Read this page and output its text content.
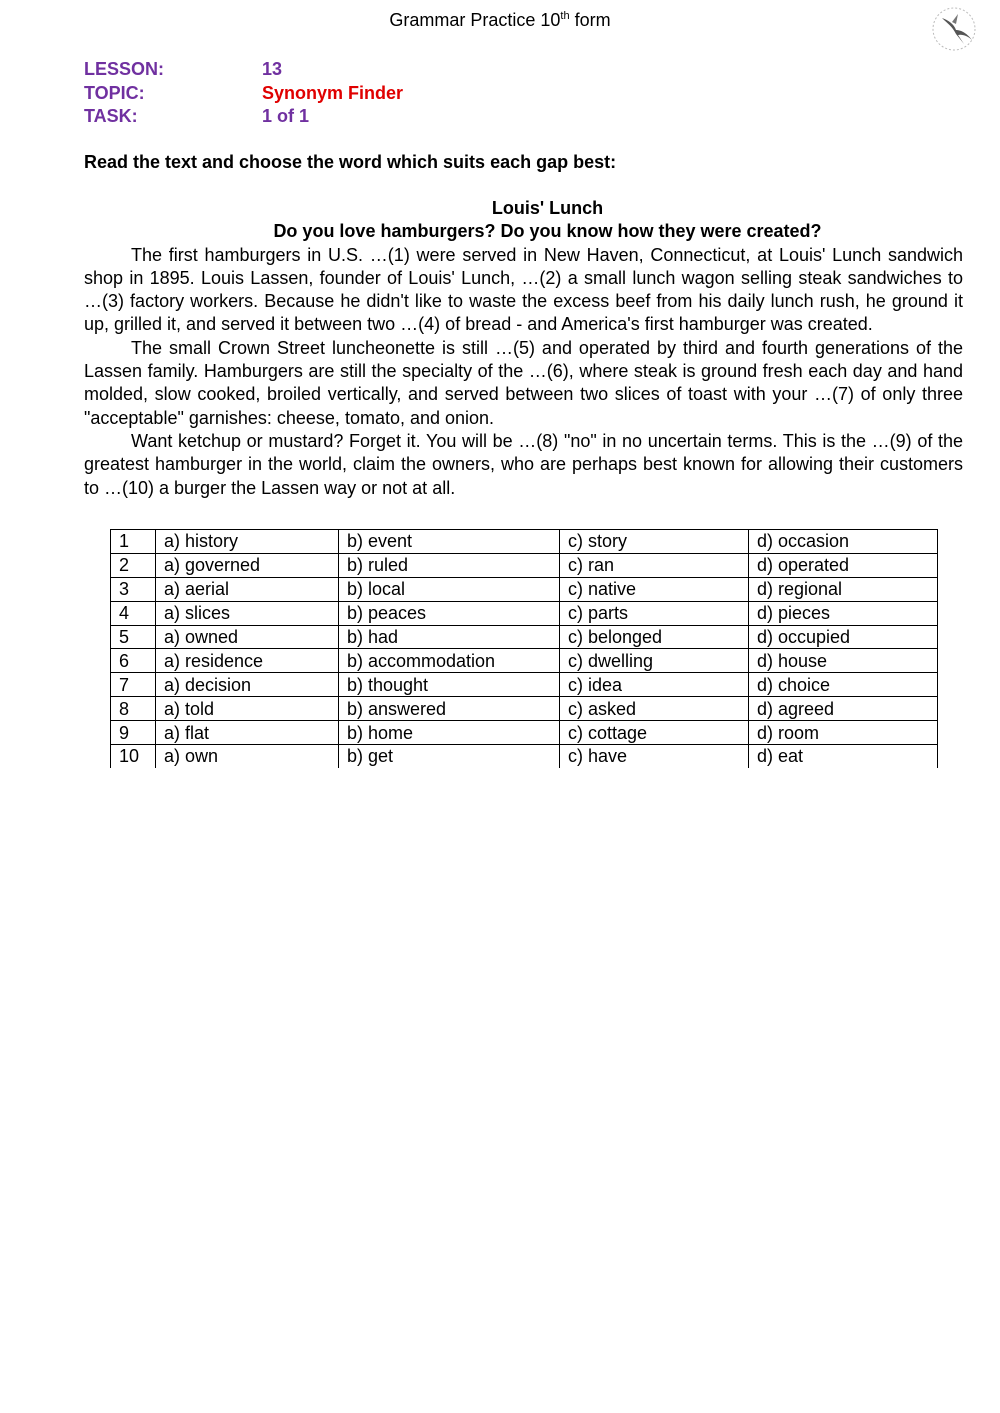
Grammar Practice 10th form
LESSON:	13
TOPIC:	Synonym Finder
TASK:	1 of 1
Read the text and choose the word which suits each gap best:
Louis' Lunch
Do you love hamburgers? Do you know how they were created?

The first hamburgers in U.S. …(1) were served in New Haven, Connecticut, at Louis' Lunch sandwich shop in 1895. Louis Lassen, founder of Louis' Lunch, …(2) a small lunch wagon selling steak sandwiches to …(3) factory workers. Because he didn't like to waste the excess beef from his daily lunch rush, he ground it up, grilled it, and served it between two …(4) of bread - and America's first hamburger was created.

The small Crown Street luncheonette is still …(5) and operated by third and fourth generations of the Lassen family. Hamburgers are still the specialty of the …(6), where steak is ground fresh each day and hand molded, slow cooked, broiled vertically, and served between two slices of toast with your …(7) of only three "acceptable" garnishes: cheese, tomato, and onion.

Want ketchup or mustard? Forget it. You will be …(8) "no" in no uncertain terms. This is the …(9) of the greatest hamburger in the world, claim the owners, who are perhaps best known for allowing their customers to …(10) a burger the Lassen way or not at all.

1	a) history	b) event	c) story	d) occasion
2	a) governed	b) ruled	c) ran	d) operated
3	a) aerial	b) local	c) native	d) regional
4	a) slices	b) peaces	c) parts	d) pieces
5	a) owned	b) had	c) belonged	d) occupied
6	a) residence	b) accommodation	c) dwelling	d) house
7	a) decision	b) thought	c) idea	d) choice
8	a) told	b) answered	c) asked	d) agreed
9	a) flat	b) home	c) cottage	d) room
10	a) own	b) get	c) have	d) eat
